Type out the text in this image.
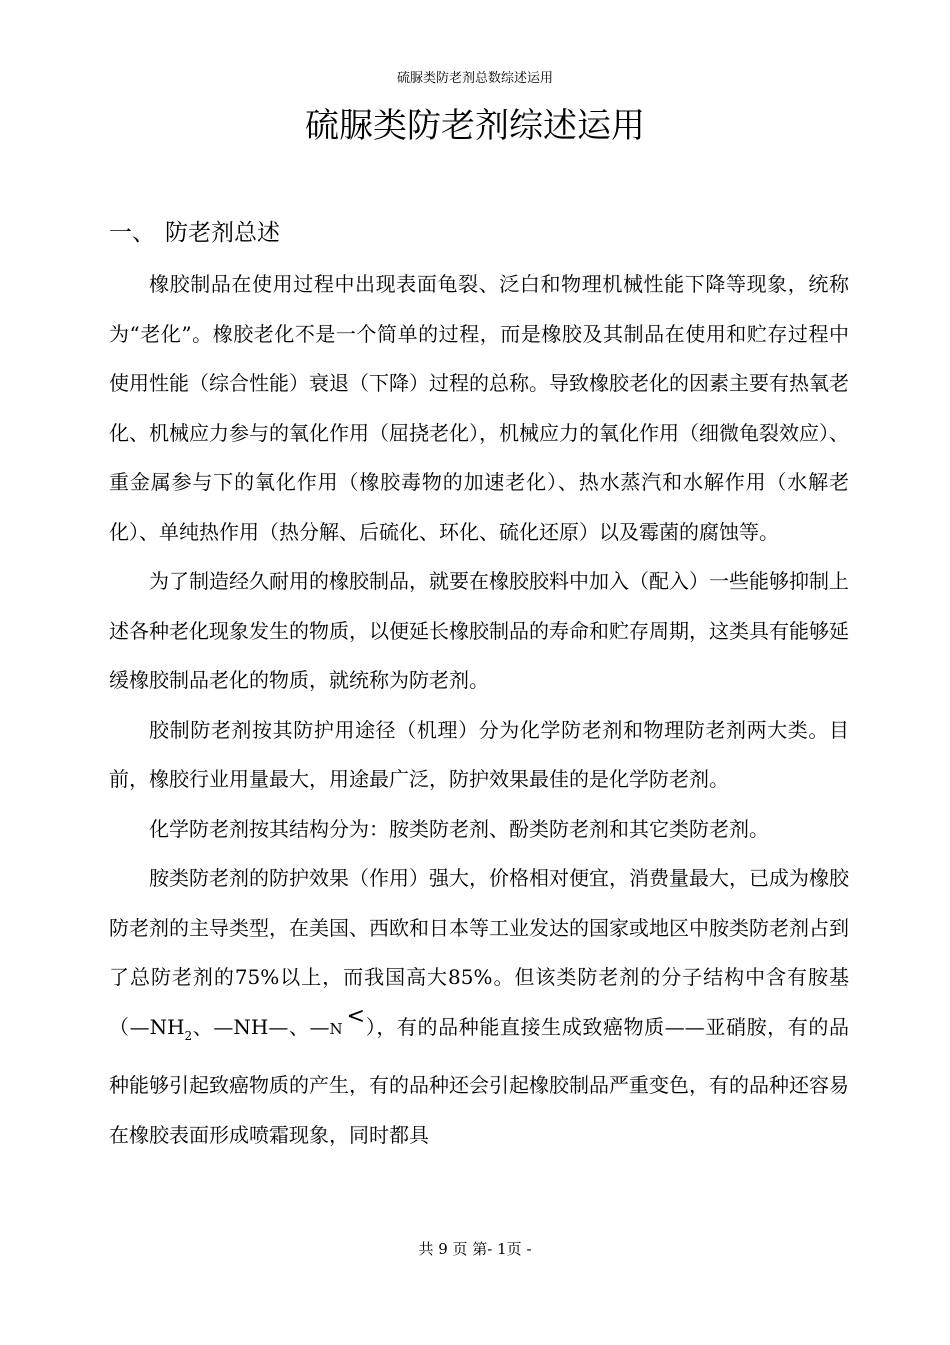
硫脲类防老剂总数综述运用
硫脲类防老剂综述运用
一、 防老剂总述

橡胶制品在使用过程中出现表面龟裂、泛白和物理机械性能下降等现象，统称为“老化”。橡胶老化不是一个简单的过程，而是橡胶及其制品在使用和贮存过程中使用性能（综合性能）衰退（下降）过程的总称。导致橡胶老化的因素主要有热氧老化、机械应力参与的氧化作用（屈挠老化），机械应力的氧化作用（细微龟裂效应）、重金属参与下的氧化作用（橡胶毒物的加速老化）、热水蒸汽和水解作用（水解老化）、单纯热作用（热分解、后硫化、环化、硫化还原）以及霉菌的腐蚀等。

为了制造经久耐用的橡胶制品，就要在橡胶胶料中加入（配入）一些能够抑制上述各种老化现象发生的物质，以便延长橡胶制品的寿命和贮存周期，这类具有能够延缓橡胶制品老化的物质，就统称为防老剂。

胶制防老剂按其防护用途径（机理）分为化学防老剂和物理防老剂两大类。目前，橡胶行业用量最大，用途最广泛，防护效果最佳的是化学防老剂。

化学防老剂按其结构分为：胺类防老剂、酚类防老剂和其它类防老剂。

胺类防老剂的防护效果（作用）强大，价格相对便宜，消费量最大，已成为橡胶防老剂的主导类型，在美国、西欧和日本等工业发达的国家或地区中胺类防老剂占到了总防老剂的75%以上，而我国高大85%。但该类防老剂的分子结构中含有胺基（$—NH_2$、—NH—、—N <），有的品种能直接生成致癌物质——亚硝胺，有的品种能够引起致癌物质的产生，有的品种还会引起橡胶制品严重变色，有的品种还容易在橡胶表面形成喷霜现象，同时都具

共 9 页 第- 1页 -
